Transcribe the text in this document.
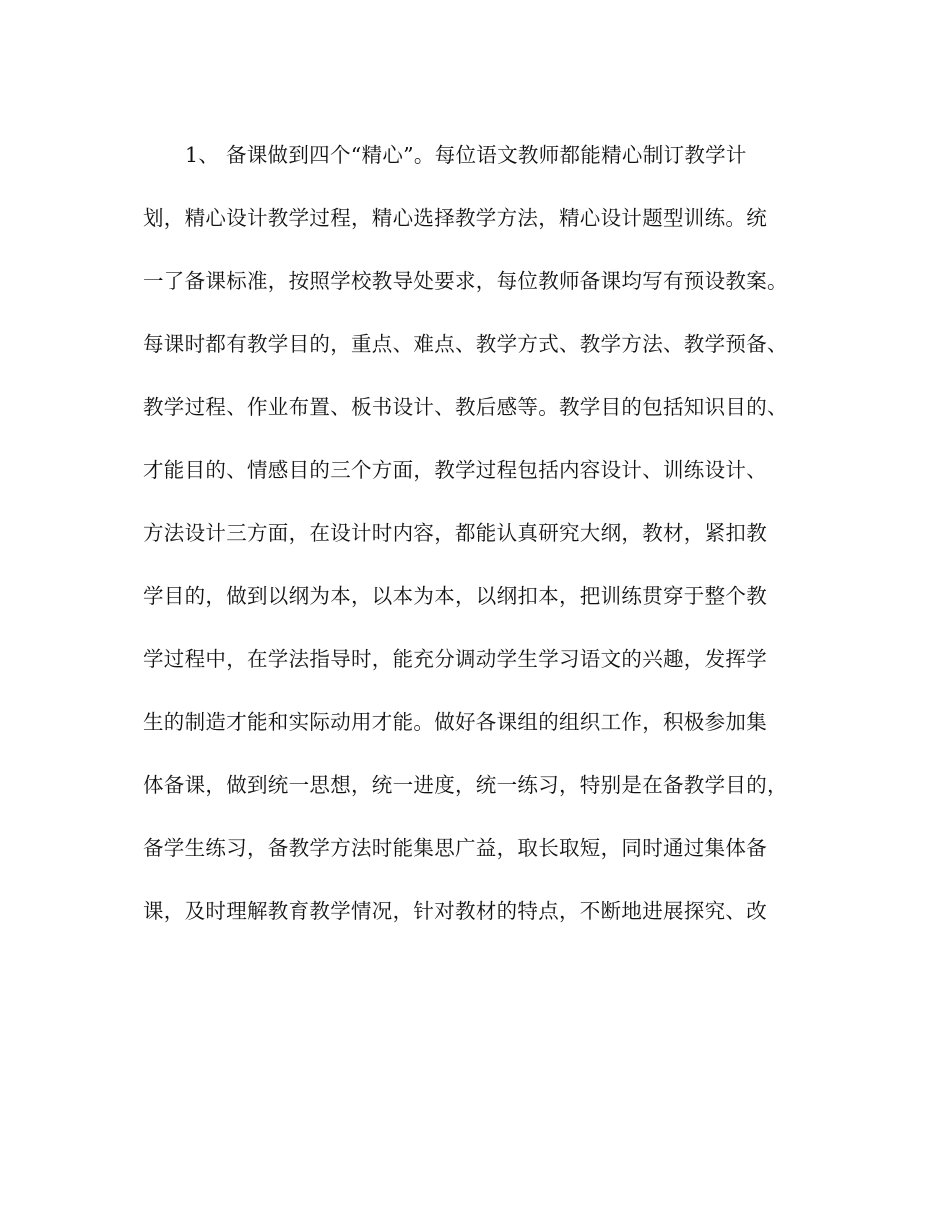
1、 备课做到四个“精心”。每位语文教师都能精心制订教学计
划，精心设计教学过程，精心选择教学方法，精心设计题型训练。统
一了备课标准，按照学校教导处要求，每位教师备课均写有预设教案。
每课时都有教学目的，重点、难点、教学方式、教学方法、教学预备、
教学过程、作业布置、板书设计、教后感等。教学目的包括知识目的、
才能目的、情感目的三个方面，教学过程包括内容设计、训练设计、
方法设计三方面，在设计时内容，都能认真研究大纲，教材，紧扣教
学目的，做到以纲为本，以本为本，以纲扣本，把训练贯穿于整个教
学过程中，在学法指导时，能充分调动学生学习语文的兴趣，发挥学
生的制造才能和实际动用才能。做好各课组的组织工作，积极参加集
体备课，做到统一思想，统一进度，统一练习，特别是在备教学目的，
备学生练习，备教学方法时能集思广益，取长取短，同时通过集体备
课，及时理解教育教学情况，针对教材的特点，不断地进展探究、改
